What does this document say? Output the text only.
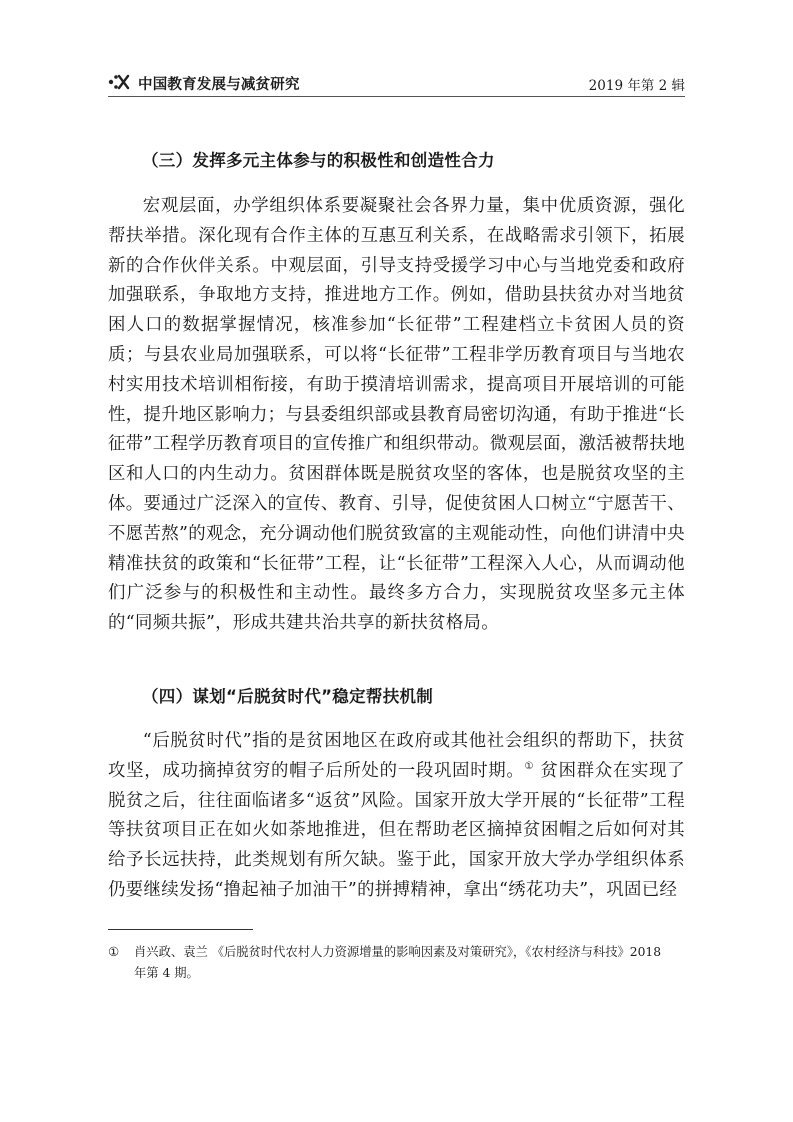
中国教育发展与减贫研究	2019 年第 2 辑
（三）发挥多元主体参与的积极性和创造性合力

宏观层面，办学组织体系要凝聚社会各界力量，集中优质资源，强化帮扶举措。深化现有合作主体的互惠互利关系，在战略需求引领下，拓展新的合作伙伴关系。中观层面，引导支持受援学习中心与当地党委和政府加强联系，争取地方支持，推进地方工作。例如，借助县扶贫办对当地贫困人口的数据掌握情况，核准参加“长征带”工程建档立卡贫困人员的资质；与县农业局加强联系，可以将“长征带”工程非学历教育项目与当地农村实用技术培训相衔接，有助于摸清培训需求，提高项目开展培训的可能性，提升地区影响力；与县委组织部或县教育局密切沟通，有助于推进“长征带”工程学历教育项目的宣传推广和组织带动。微观层面，激活被帮扶地区和人口的内生动力。贫困群体既是脱贫攻坚的客体，也是脱贫攻坚的主体。要通过广泛深入的宣传、教育、引导，促使贫困人口树立“宁愿苦干、不愿苦熬”的观念，充分调动他们脱贫致富的主观能动性，向他们讲清中央精准扶贫的政策和“长征带”工程，让“长征带”工程深入人心，从而调动他们广泛参与的积极性和主动性。最终多方合力，实现脱贫攻坚多元主体的“同频共振”，形成共建共治共享的新扶贫格局。

（四）谋划“后脱贫时代”稳定帮扶机制

“后脱贫时代”指的是贫困地区在政府或其他社会组织的帮助下，扶贫攻坚，成功摘掉贫穷的帽子后所处的一段巩固时期。① 贫困群众在实现了脱贫之后，往往面临诸多“返贫”风险。国家开放大学开展的“长征带”工程等扶贫项目正在如火如荼地推进，但在帮助老区摘掉贫困帽之后如何对其给予长远扶持，此类规划有所欠缺。鉴于此，国家开放大学办学组织体系仍要继续发扬“撸起袖子加油干”的拼搏精神，拿出“绣花功夫”，巩固已经

① 肖兴政、袁兰 《后脱贫时代农村人力资源增量的影响因素及对策研究》，《农村经济与科技》2018 年第 4 期。
